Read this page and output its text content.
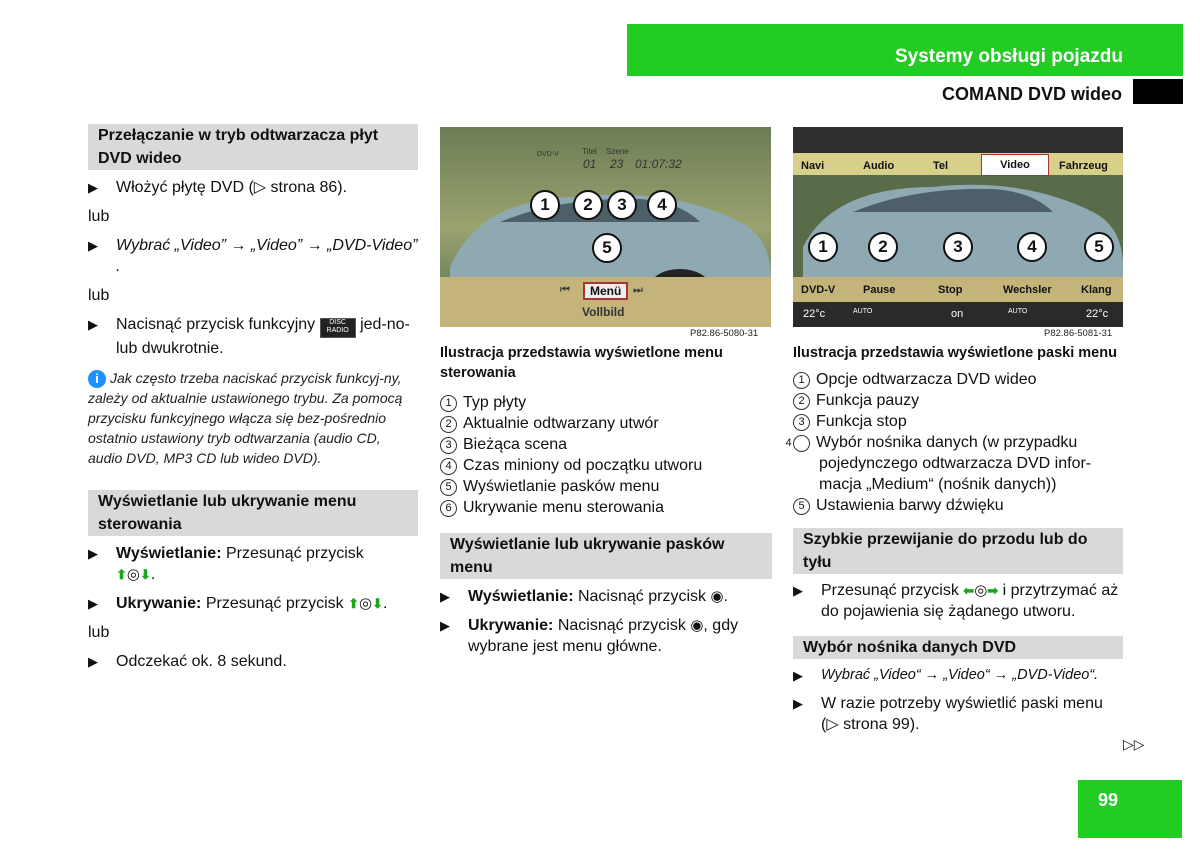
Systemy obsługi pojazdu
COMAND DVD wideo
Przełączanie w tryb odtwarzacza płyt DVD wideo
▶ Włożyć płytę DVD (▷ strona 86).
lub
▶ Wybrać „Video” → „Video” → „DVD-Video” .
lub
▶ Nacisnąć przycisk funkcyjny DISC RADIO jed-no- lub dwukrotnie.
i Jak często trzeba naciskać przycisk funkcyj-ny, zależy od aktualnie ustawionego trybu. Za pomocą przycisku funkcyjnego włącza się bez-pośrednio ostatnio ustawiony tryb odtwarzania (audio CD, audio DVD, MP3 CD lub wideo DVD).
Wyświetlanie lub ukrywanie menu sterowania
▶ Wyświetlanie: Przesunąć przycisk
⬆◎⬇.
▶ Ukrywanie: Przesunąć przycisk ⬆◎⬇.
lub
▶ Odczekać ok. 8 sekund.
DVD-V	Titel Szene
01 23 01:07:32
1	2	3	4
5
⏮	Menü	⏭
Vollbild
P82.86-5080-31
Ilustracja przedstawia wyświetlone menu sterowania
1 Typ płyty
2 Aktualnie odtwarzany utwór
3 Bieżąca scena
4 Czas miniony od początku utworu
5 Wyświetlanie pasków menu
6 Ukrywanie menu sterowania
Wyświetlanie lub ukrywanie pasków menu
▶ Wyświetlanie: Nacisnąć przycisk ◉.
▶ Ukrywanie: Nacisnąć przycisk ◉, gdy wybrane jest menu główne.
Navi	Audio	Tel	Video	Fahrzeug
1	2	3	4	5
DVD-V	Pause	Stop	Wechsler	Klang
22°c	AUTO	on	AUTO	22°c
P82.86-5081-31
Ilustracja przedstawia wyświetlone paski menu
1 Opcje odtwarzacza DVD wideo
2 Funkcja pauzy
3 Funkcja stop
4 Wybór nośnika danych (w przypadku pojedynczego odtwarzacza DVD infor-macja „Medium“ (nośnik danych))
5 Ustawienia barwy dźwięku
Szybkie przewijanie do przodu lub do tyłu
▶ Przesunąć przycisk ⬅◎➡ i przytrzymać aż do pojawienia się żądanego utworu.
Wybór nośnika danych DVD
▶ Wybrać „Video“ → „Video“ → „DVD-Video“.
▶ W razie potrzeby wyświetlić paski menu (▷ strona 99).
▷▷
99
